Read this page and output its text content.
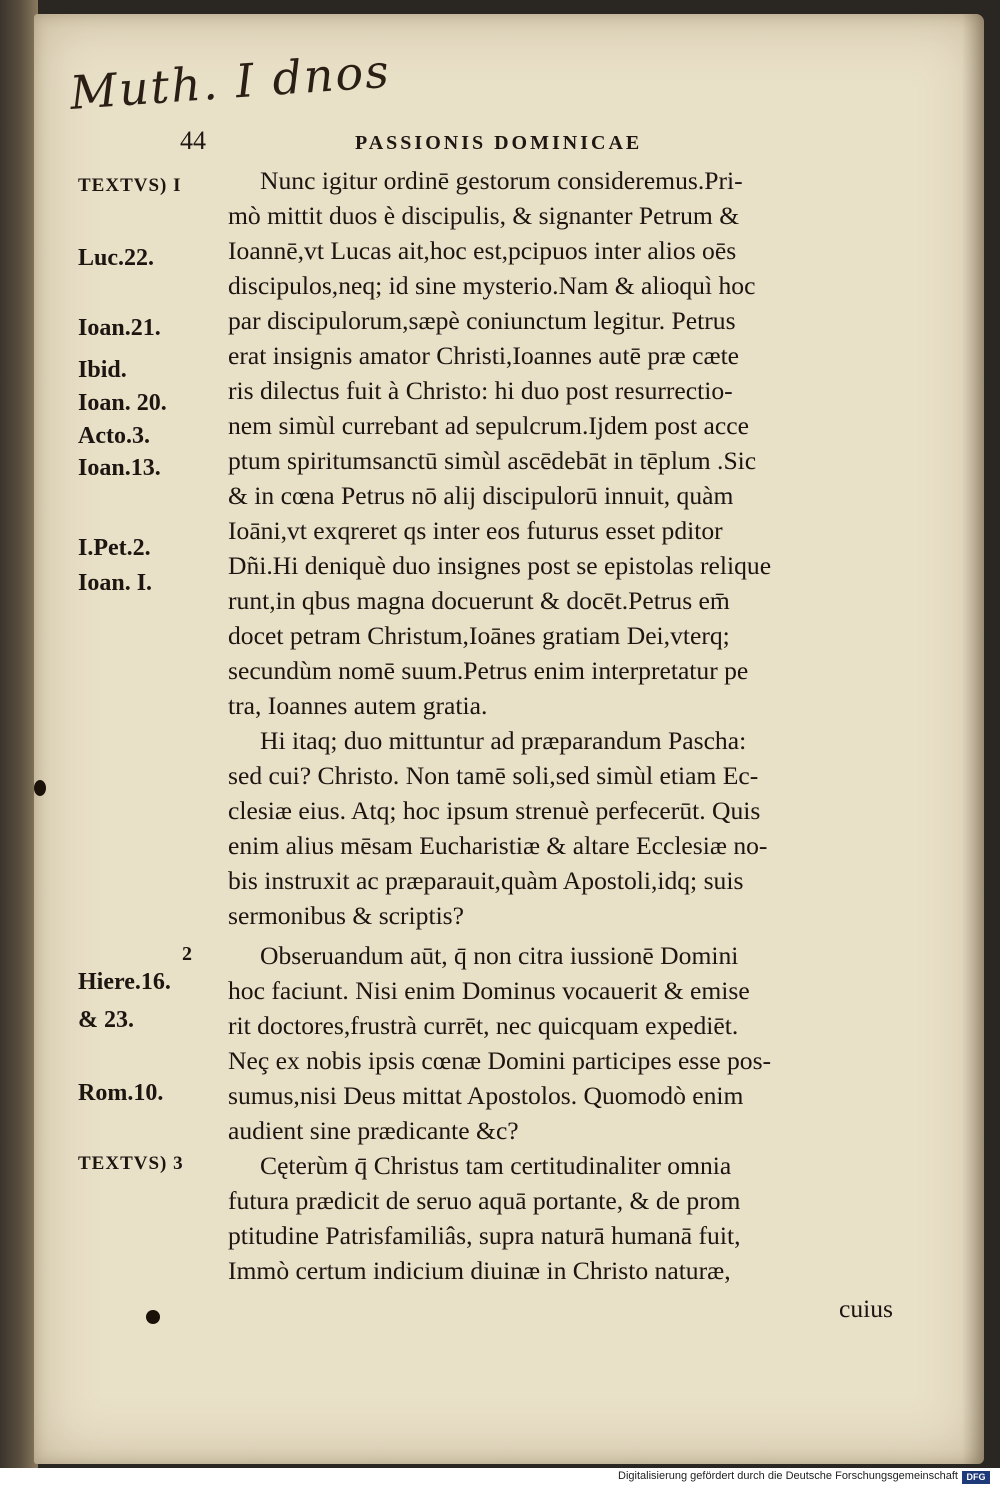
Muth. I dnos
44	PASSIONIS DOMINICAE
TEXTVS) I
Luc.22.
Ioan.21.
Ibid.
Ioan. 20.
Acto.3.
Ioan.13.
I.Pet.2.
Ioan. I.
2
Hiere.16.
& 23.
Rom.10.
TEXTVS) 3
Nunc igitur ordinē gestorum consideremus.Pri-
mò mittit duos è discipulis, & signanter Petrum &
Ioannē,vt Lucas ait,hoc est,pcipuos inter alios oēs
discipulos,neq; id sine mysterio.Nam & alioquì hoc
par discipulorum,sæpè coniunctum legitur. Petrus
erat insignis amator Christi,Ioannes autē præ cæte
ris dilectus fuit à Christo: hi duo post resurrectio-
nem simùl currebant ad sepulcrum.Ijdem post acce
ptum spiritumsanctū simùl ascēdebāt in tēplum .Sic
& in cœna Petrus nō alij discipulorū innuit, quàm
Ioāni,vt exqreret qs inter eos futurus esset pditor
Dñi.Hi deniquè duo insignes post se epistolas relique
runt,in qbus magna docuerunt & docēt.Petrus em̄
docet petram Christum,Ioānes gratiam Dei,vterq;
secundùm nomē suum.Petrus enim interpretatur pe
tra, Ioannes autem gratia.
Hi itaq; duo mittuntur ad præparandum Pascha:
sed cui? Christo. Non tamē soli,sed simùl etiam Ec-
clesiæ eius. Atq; hoc ipsum strenuè perfecerūt. Quis
enim alius mēsam Eucharistiæ & altare Ecclesiæ no-
bis instruxit ac præparauit,quàm Apostoli,idq; suis
sermonibus & scriptis?
Obseruandum aūt, q̄ non citra iussionē Domini
hoc faciunt. Nisi enim Dominus vocauerit & emise
rit doctores,frustrà currēt, nec quicquam expediēt.
Neç ex nobis ipsis cœnæ Domini participes esse pos-
sumus,nisi Deus mittat Apostolos. Quomodò enim
audient sine prædicante &c?
Cęterùm q̄ Christus tam certitudinaliter omnia
futura prædicit de seruo aquā portante, & de prom
ptitudine Patrisfamiliâs, supra naturā humanā fuit,
Immò certum indicium diuinæ in Christo naturæ,
cuius
Digitalisierung gefördert durch die Deutsche Forschungsgemeinschaft DFG
